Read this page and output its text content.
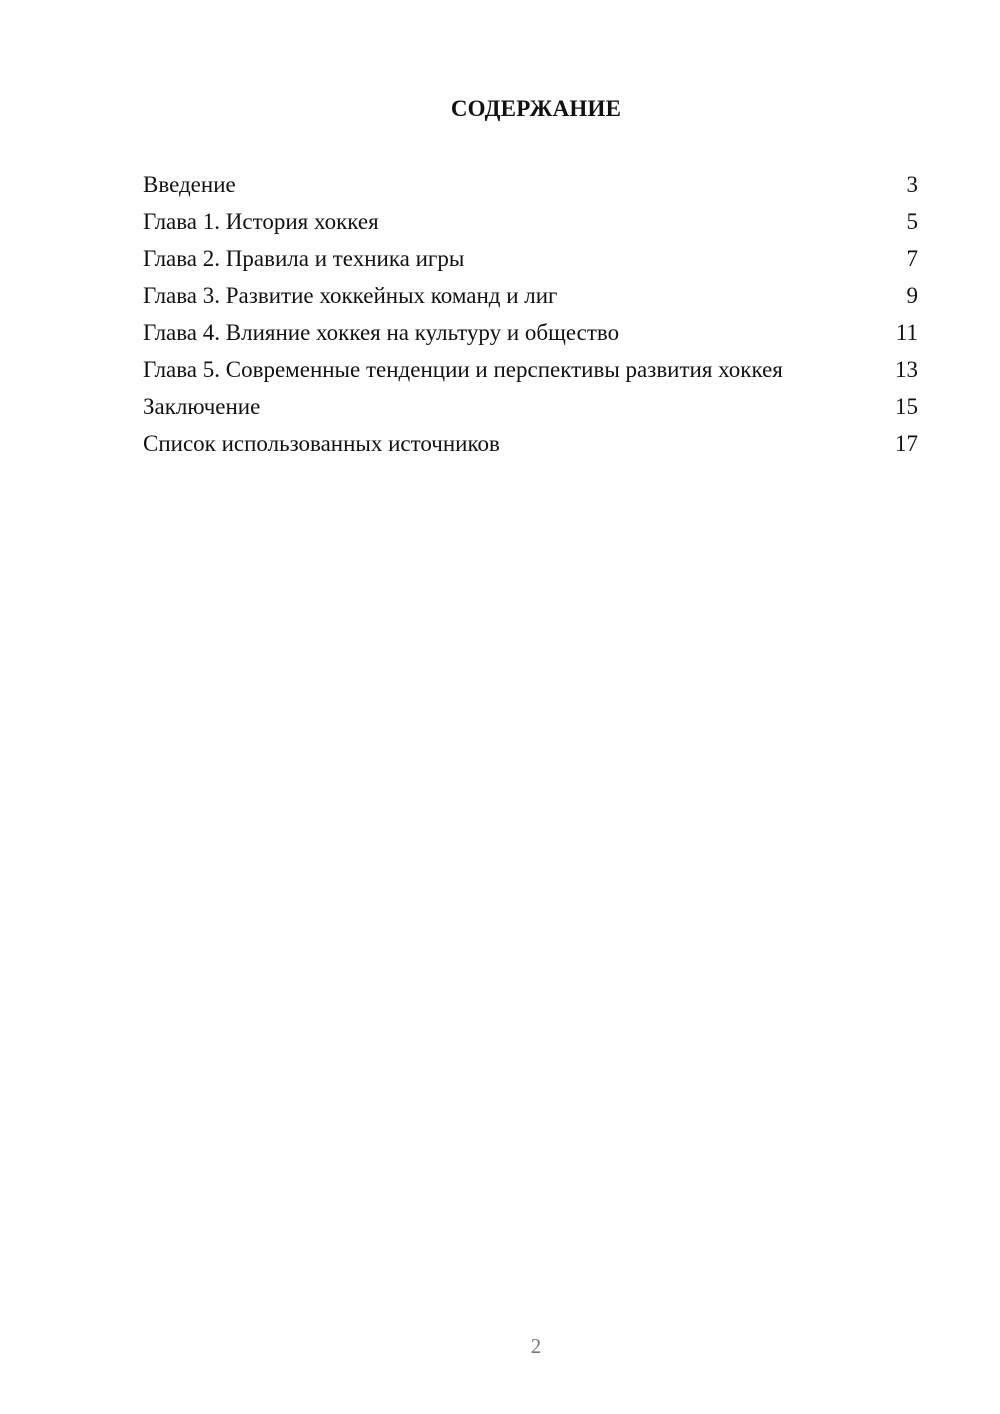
СОДЕРЖАНИЕ
Введение	3
Глава 1. История хоккея	5
Глава 2. Правила и техника игры	7
Глава 3. Развитие хоккейных команд и лиг	9
Глава 4. Влияние хоккея на культуру и общество	11
Глава 5. Современные тенденции и перспективы развития хоккея	13
Заключение	15
Список использованных источников	17
2
